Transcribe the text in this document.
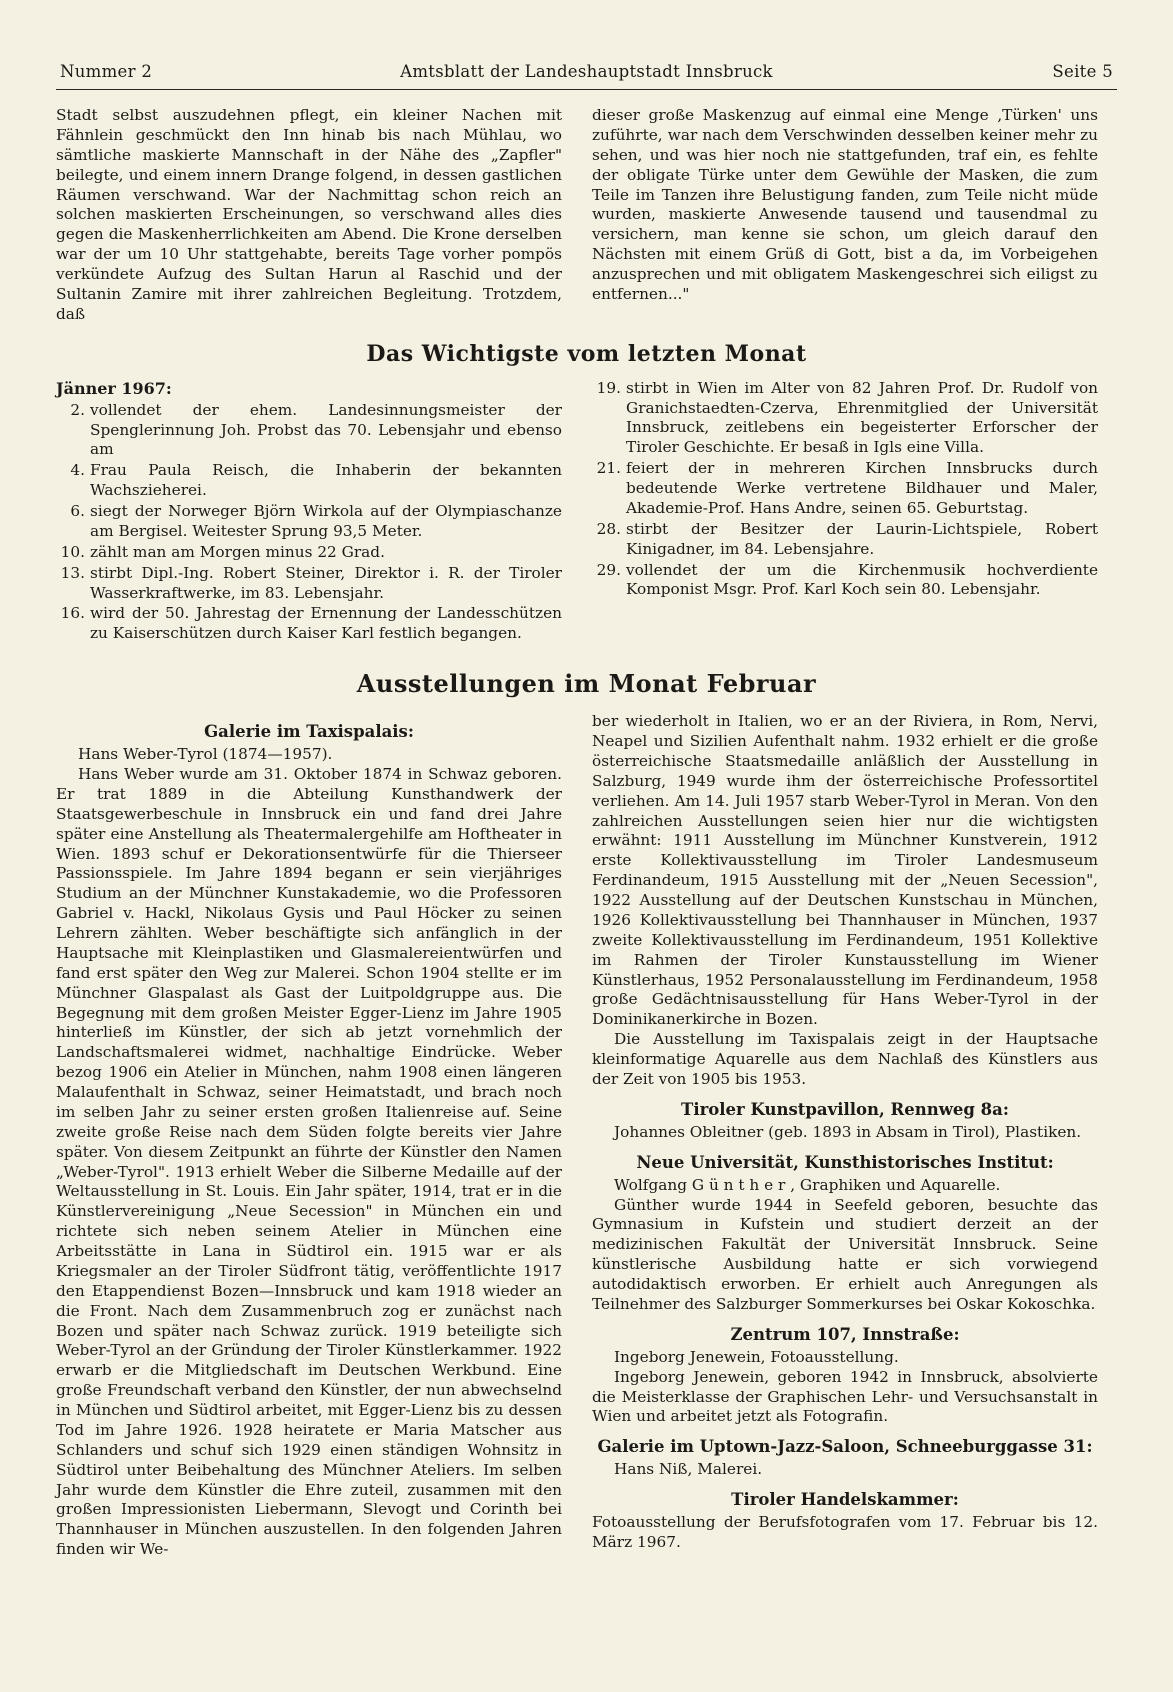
Nummer 2	Amtsblatt der Landeshauptstadt Innsbruck	Seite 5

Stadt selbst auszudehnen pflegt, ein kleiner Nachen mit Fähnlein geschmückt den Inn hinab bis nach Mühlau, wo sämtliche maskierte Mannschaft in der Nähe des „Zapfler" beilegte, und einem innern Drange folgend, in dessen gastlichen Räumen verschwand. War der Nachmittag schon reich an solchen maskierten Erscheinungen, so verschwand alles dies gegen die Maskenherrlichkeiten am Abend. Die Krone derselben war der um 10 Uhr stattgehabte, bereits Tage vorher pompös verkündete Aufzug des Sultan Harun al Raschid und der Sultanin Zamire mit ihrer zahlreichen Begleitung. Trotzdem, daß

dieser große Maskenzug auf einmal eine Menge ‚Türken' uns zuführte, war nach dem Verschwinden desselben keiner mehr zu sehen, und was hier noch nie stattgefunden, traf ein, es fehlte der obligate Türke unter dem Gewühle der Masken, die zum Teile im Tanzen ihre Belustigung fanden, zum Teile nicht müde wurden, maskierte Anwesende tausend und tausendmal zu versichern, man kenne sie schon, um gleich darauf den Nächsten mit einem Grüß di Gott, bist a da, im Vorbeigehen anzusprechen und mit obligatem Maskengeschrei sich eiligst zu entfernen..."

Das Wichtigste vom letzten Monat
Jänner 1967:
2. vollendet der ehem. Landesinnungsmeister der Spenglerinnung Joh. Probst das 70. Lebensjahr und ebenso am
4. Frau Paula Reisch, die Inhaberin der bekannten Wachszieherei.
6. siegt der Norweger Björn Wirkola auf der Olympiaschanze am Bergisel. Weitester Sprung 93,5 Meter.
10. zählt man am Morgen minus 22 Grad.
13. stirbt Dipl.-Ing. Robert Steiner, Direktor i. R. der Tiroler Wasserkraftwerke, im 83. Lebensjahr.
16. wird der 50. Jahrestag der Ernennung der Landesschützen zu Kaiserschützen durch Kaiser Karl festlich begangen.
19. stirbt in Wien im Alter von 82 Jahren Prof. Dr. Rudolf von Granichstaedten-Czerva, Ehrenmitglied der Universität Innsbruck, zeitlebens ein begeisterter Erforscher der Tiroler Geschichte. Er besaß in Igls eine Villa.
21. feiert der in mehreren Kirchen Innsbrucks durch bedeutende Werke vertretene Bildhauer und Maler, Akademie-Prof. Hans Andre, seinen 65. Geburtstag.
28. stirbt der Besitzer der Laurin-Lichtspiele, Robert Kinigadner, im 84. Lebensjahre.
29. vollendet der um die Kirchenmusik hochverdiente Komponist Msgr. Prof. Karl Koch sein 80. Lebensjahr.
Ausstellungen im Monat Februar
Galerie im Taxispalais:

Hans Weber-Tyrol (1874—1957).

Hans Weber wurde am 31. Oktober 1874 in Schwaz geboren. Er trat 1889 in die Abteilung Kunsthandwerk der Staatsgewerbeschule in Innsbruck ein und fand drei Jahre später eine Anstellung als Theatermalergehilfe am Hoftheater in Wien. 1893 schuf er Dekorationsentwürfe für die Thierseer Passionsspiele. Im Jahre 1894 begann er sein vierjähriges Studium an der Münchner Kunstakademie, wo die Professoren Gabriel v. Hackl, Nikolaus Gysis und Paul Höcker zu seinen Lehrern zählten. Weber beschäftigte sich anfänglich in der Hauptsache mit Kleinplastiken und Glasmalereientwürfen und fand erst später den Weg zur Malerei. Schon 1904 stellte er im Münchner Glaspalast als Gast der Luitpoldgruppe aus. Die Begegnung mit dem großen Meister Egger-Lienz im Jahre 1905 hinterließ im Künstler, der sich ab jetzt vornehmlich der Landschaftsmalerei widmet, nachhaltige Eindrücke. Weber bezog 1906 ein Atelier in München, nahm 1908 einen längeren Malaufenthalt in Schwaz, seiner Heimatstadt, und brach noch im selben Jahr zu seiner ersten großen Italienreise auf. Seine zweite große Reise nach dem Süden folgte bereits vier Jahre später. Von diesem Zeitpunkt an führte der Künstler den Namen „Weber-Tyrol". 1913 erhielt Weber die Silberne Medaille auf der Weltausstellung in St. Louis. Ein Jahr später, 1914, trat er in die Künstlervereinigung „Neue Secession" in München ein und richtete sich neben seinem Atelier in München eine Arbeitsstätte in Lana in Südtirol ein. 1915 war er als Kriegsmaler an der Tiroler Südfront tätig, veröffentlichte 1917 den Etappendienst Bozen—Innsbruck und kam 1918 wieder an die Front. Nach dem Zusammenbruch zog er zunächst nach Bozen und später nach Schwaz zurück. 1919 beteiligte sich Weber-Tyrol an der Gründung der Tiroler Künstlerkammer. 1922 erwarb er die Mitgliedschaft im Deutschen Werkbund. Eine große Freundschaft verband den Künstler, der nun abwechselnd in München und Südtirol arbeitet, mit Egger-Lienz bis zu dessen Tod im Jahre 1926. 1928 heiratete er Maria Matscher aus Schlanders und schuf sich 1929 einen ständigen Wohnsitz in Südtirol unter Beibehaltung des Münchner Ateliers. Im selben Jahr wurde dem Künstler die Ehre zuteil, zusammen mit den großen Impressionisten Liebermann, Slevogt und Corinth bei Thannhauser in München auszustellen. In den folgenden Jahren finden wir We-

ber wiederholt in Italien, wo er an der Riviera, in Rom, Nervi, Neapel und Sizilien Aufenthalt nahm. 1932 erhielt er die große österreichische Staatsmedaille anläßlich der Ausstellung in Salzburg, 1949 wurde ihm der österreichische Professortitel verliehen. Am 14. Juli 1957 starb Weber-Tyrol in Meran. Von den zahlreichen Ausstellungen seien hier nur die wichtigsten erwähnt: 1911 Ausstellung im Münchner Kunstverein, 1912 erste Kollektivausstellung im Tiroler Landesmuseum Ferdinandeum, 1915 Ausstellung mit der „Neuen Secession", 1922 Ausstellung auf der Deutschen Kunstschau in München, 1926 Kollektivausstellung bei Thannhauser in München, 1937 zweite Kollektivausstellung im Ferdinandeum, 1951 Kollektive im Rahmen der Tiroler Kunstausstellung im Wiener Künstlerhaus, 1952 Personalausstellung im Ferdinandeum, 1958 große Gedächtnisausstellung für Hans Weber-Tyrol in der Dominikanerkirche in Bozen.

Die Ausstellung im Taxispalais zeigt in der Hauptsache kleinformatige Aquarelle aus dem Nachlaß des Künstlers aus der Zeit von 1905 bis 1953.

Tiroler Kunstpavillon, Rennweg 8a:

Johannes Obleitner (geb. 1893 in Absam in Tirol), Plastiken.

Neue Universität, Kunsthistorisches Institut:

Wolfgang G ü n t h e r , Graphiken und Aquarelle.

Günther wurde 1944 in Seefeld geboren, besuchte das Gymnasium in Kufstein und studiert derzeit an der medizinischen Fakultät der Universität Innsbruck. Seine künstlerische Ausbildung hatte er sich vorwiegend autodidaktisch erworben. Er erhielt auch Anregungen als Teilnehmer des Salzburger Sommerkurses bei Oskar Kokoschka.

Zentrum 107, Innstraße:

Ingeborg Jenewein, Fotoausstellung.

Ingeborg Jenewein, geboren 1942 in Innsbruck, absolvierte die Meisterklasse der Graphischen Lehr- und Versuchsanstalt in Wien und arbeitet jetzt als Fotografin.

Galerie im Uptown-Jazz-Saloon, Schneeburggasse 31:

Hans Niß, Malerei.

Tiroler Handelskammer:

Fotoausstellung der Berufsfotografen vom 17. Februar bis 12. März 1967.
